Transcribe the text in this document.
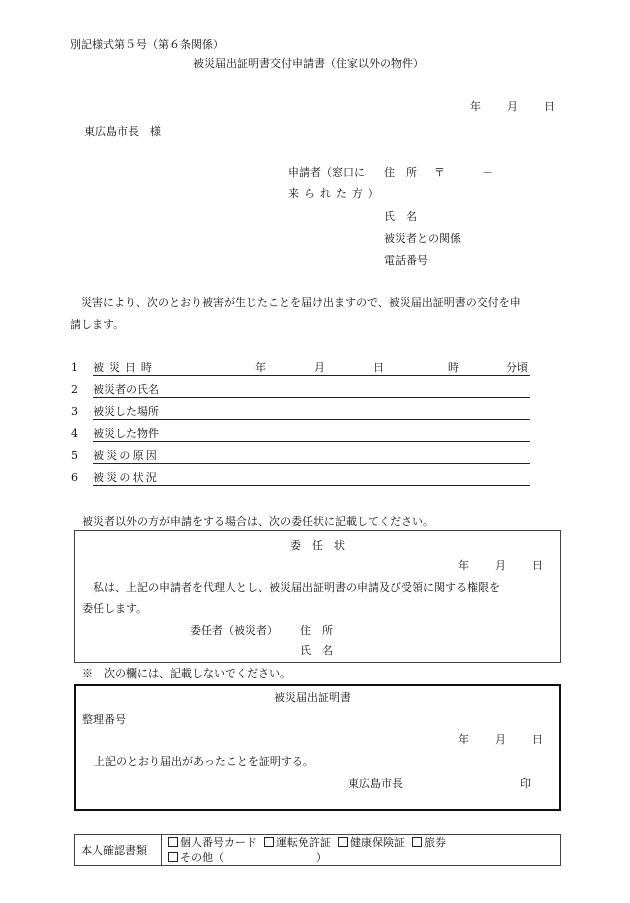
別記様式第５号（第６条関係）
被災届出証明書交付申請書（住家以外の物件）
年 月 日
東広島市長　様
申請者（窓口に
来られた方）
住　所 〒	－
氏　名
被災者との関係
電話番号
　災害により、次のとおり被害が生じたことを届け出ますので、被災届出証明書の交付を申
請します。
1 被災日時	年	月	日	時	分頃
2 被災者の氏名
3 被災した場所
4 被災した物件
5 被災の原因
6 被災の状況
被災者以外の方が申請をする場合は、次の委任状に記載してください。
委　任　状
年 月 日
　私は、上記の申請者を代理人とし、被災届出証明書の申請及び受領に関する権限を
委任します。
委任者（被災者） 住　所
氏　名
※　次の欄には、記載しないでください。
被災届出証明書
整理番号
年 月 日
上記のとおり届出があったことを証明する。
東広島市長	印
本人確認書類	
個人番号カード 運転免許証 健康保険証 旅券
その他（	）
